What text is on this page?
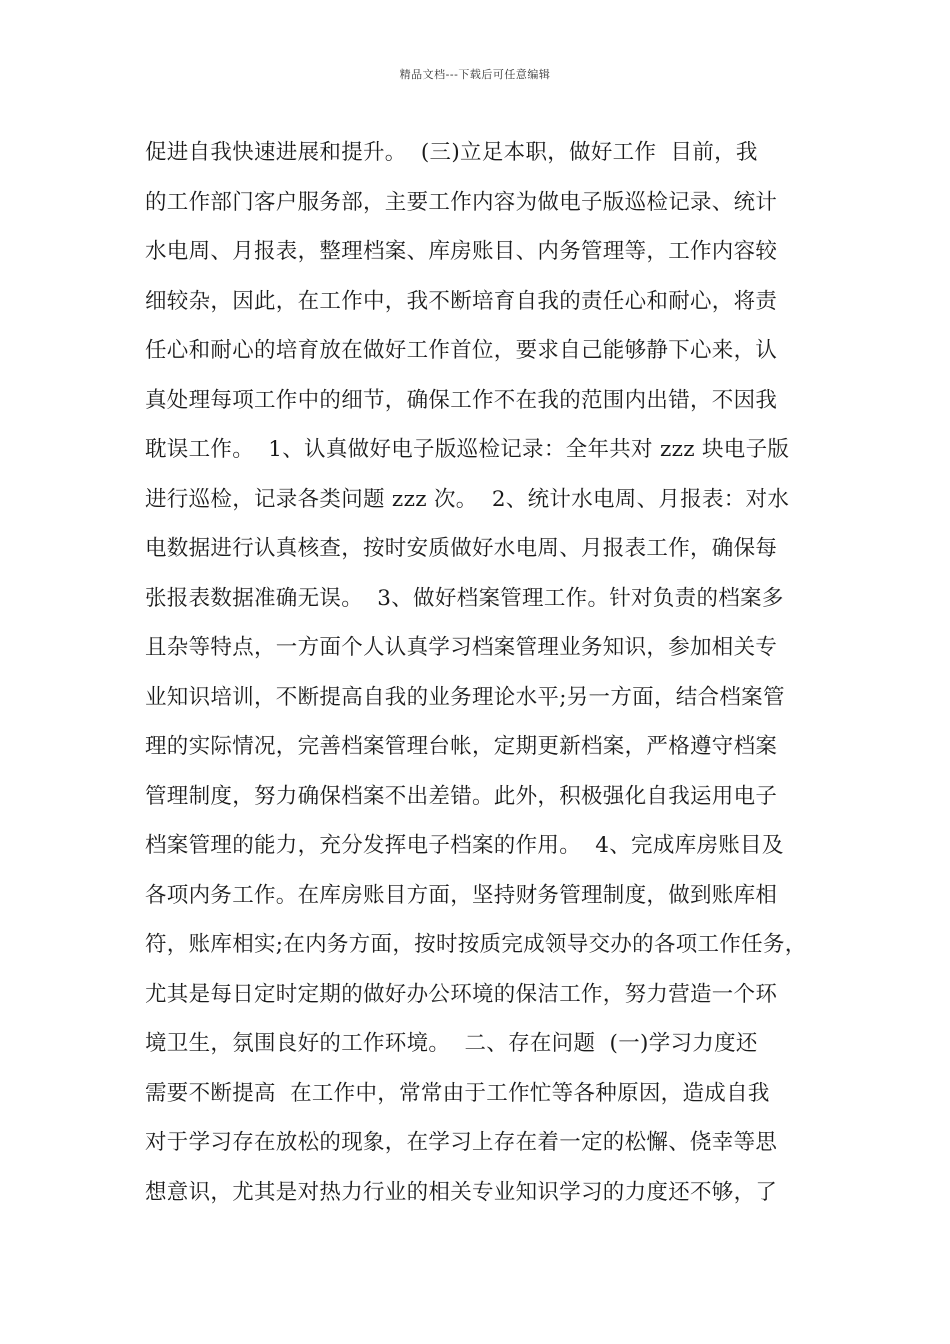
精品文档---下载后可任意编辑
促进自我快速进展和提升。  (三)立足本职，做好工作  目前，我
的工作部门客户服务部，主要工作内容为做电子版巡检记录、统计
水电周、月报表，整理档案、库房账目、内务管理等，工作内容较
细较杂，因此，在工作中，我不断培育自我的责任心和耐心，将责
任心和耐心的培育放在做好工作首位，要求自己能够静下心来，认
真处理每项工作中的细节，确保工作不在我的范围内出错，不因我
耽误工作。  1、认真做好电子版巡检记录：全年共对 zzz 块电子版
进行巡检，记录各类问题 zzz 次。  2、统计水电周、月报表：对水
电数据进行认真核查，按时安质做好水电周、月报表工作，确保每
张报表数据准确无误。  3、做好档案管理工作。针对负责的档案多
且杂等特点，一方面个人认真学习档案管理业务知识，参加相关专
业知识培训，不断提高自我的业务理论水平;另一方面，结合档案管
理的实际情况，完善档案管理台帐，定期更新档案，严格遵守档案
管理制度，努力确保档案不出差错。此外，积极强化自我运用电子
档案管理的能力，充分发挥电子档案的作用。  4、完成库房账目及
各项内务工作。在库房账目方面，坚持财务管理制度，做到账库相
符，账库相实;在内务方面，按时按质完成领导交办的各项工作任务，
尤其是每日定时定期的做好办公环境的保洁工作，努力营造一个环
境卫生，氛围良好的工作环境。  二、存在问题  (一)学习力度还
需要不断提高  在工作中，常常由于工作忙等各种原因，造成自我
对于学习存在放松的现象，在学习上存在着一定的松懈、侥幸等思
想意识，尤其是对热力行业的相关专业知识学习的力度还不够，了
